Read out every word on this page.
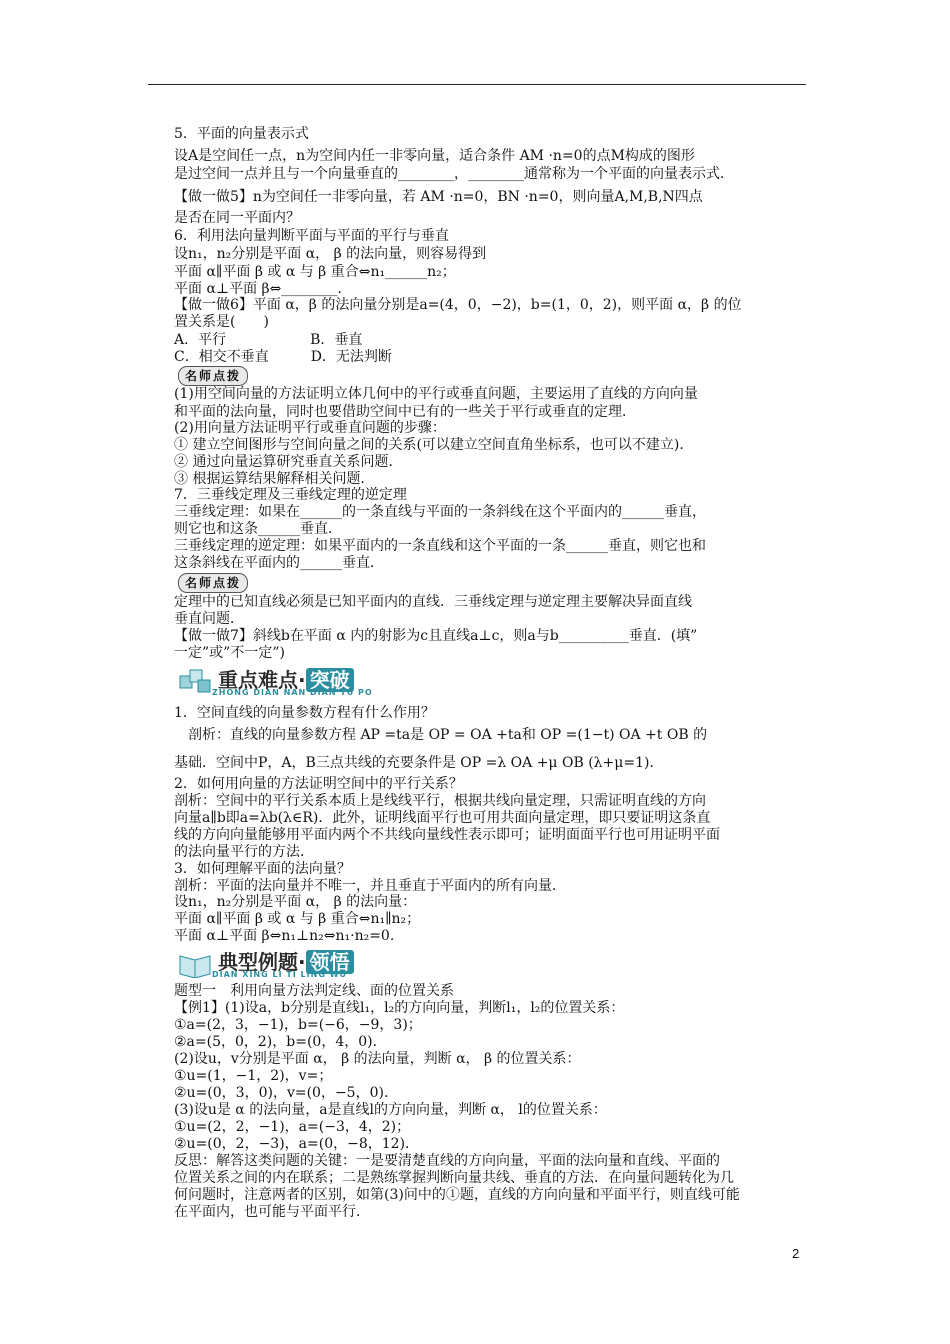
5．平面的向量表示式
设A是空间任一点，n为空间内任一非零向量，适合条件 AM ·n=0的点M构成的图形
是过空间一点并且与一个向量垂直的________，________通常称为一个平面的向量表示式．
【做一做5】n为空间任一非零向量，若 AM ·n=0，BN ·n=0，则向量A,M,B,N四点
是否在同一平面内？
6．利用法向量判断平面与平面的平行与垂直
设n₁，n₂分别是平面 α， β 的法向量，则容易得到
平面 α∥平面 β 或 α 与 β 重合⇔n₁______n₂；
平面 α⊥平面 β⇔________.
【做一做6】平面 α，β 的法向量分别是a=(4，0，−2)，b=(1，0，2)，则平面 α，β 的位
置关系是(　　)
A．平行　　　　　　B．垂直
C．相交不垂直　　　D．无法判断
名师点拨
(1)用空间向量的方法证明立体几何中的平行或垂直问题，主要运用了直线的方向向量
和平面的法向量，同时也要借助空间中已有的一些关于平行或垂直的定理．
(2)用向量方法证明平行或垂直问题的步骤：
① 建立空间图形与空间向量之间的关系(可以建立空间直角坐标系，也可以不建立)．
② 通过向量运算研究垂直关系问题．
③ 根据运算结果解释相关问题．
7．三垂线定理及三垂线定理的逆定理
三垂线定理：如果在______的一条直线与平面的一条斜线在这个平面内的______垂直，
则它也和这条______垂直．
三垂线定理的逆定理：如果平面内的一条直线和这个平面的一条______垂直，则它也和
这条斜线在平面内的______垂直．
名师点拨
定理中的已知直线必须是已知平面内的直线．三垂线定理与逆定理主要解决异面直线
垂直问题．
【做一做7】斜线b在平面 α 内的射影为c且直线a⊥c，则a与b__________垂直．(填”
一定”或”不一定”)
重点难点· 突破
ZHONG DIAN NAN DIAN TU PO
1．空间直线的向量参数方程有什么作用？
剖析：直线的向量参数方程 AP =ta是 OP = OA +ta和 OP =(1−t) OA +t OB 的
基础．空间中P，A，B三点共线的充要条件是 OP =λ OA +μ OB (λ+μ=1)．
2．如何用向量的方法证明空间中的平行关系？
剖析：空间中的平行关系本质上是线线平行，根据共线向量定理，只需证明直线的方向
向量a∥b即a=λb(λ∈R)．此外，证明线面平行也可用共面向量定理，即只要证明这条直
线的方向向量能够用平面内两个不共线向量线性表示即可；证明面面平行也可用证明平面
的法向量平行的方法．
3．如何理解平面的法向量？
剖析：平面的法向量并不唯一，并且垂直于平面内的所有向量．
设n₁，n₂分别是平面 α， β 的法向量：
平面 α∥平面 β 或 α 与 β 重合⇔n₁∥n₂；
平面 α⊥平面 β⇔n₁⊥n₂⇔n₁·n₂=0.
典型例题· 领悟
DIAN XING LI TI LING WU
题型一　利用向量方法判定线、面的位置关系
【例1】(1)设a，b分别是直线l₁，l₂的方向向量，判断l₁，l₂的位置关系：
①a=(2，3，−1)，b=(−6，−9，3)；
②a=(5，0，2)，b=(0，4，0)．
(2)设u，v分别是平面 α， β 的法向量，判断 α， β 的位置关系：
①u=(1，−1，2)，v=；
②u=(0，3，0)，v=(0，−5，0)．
(3)设u是 α 的法向量，a是直线l的方向向量，判断 α， l的位置关系：
①u=(2，2，−1)，a=(−3，4，2)；
②u=(0，2，−3)，a=(0，−8，12)．
反思：解答这类问题的关键：一是要清楚直线的方向向量，平面的法向量和直线、平面的
位置关系之间的内在联系；二是熟练掌握判断向量共线、垂直的方法．在向量问题转化为几
何问题时，注意两者的区别，如第(3)问中的①题，直线的方向向量和平面平行，则直线可能
在平面内，也可能与平面平行．
2
